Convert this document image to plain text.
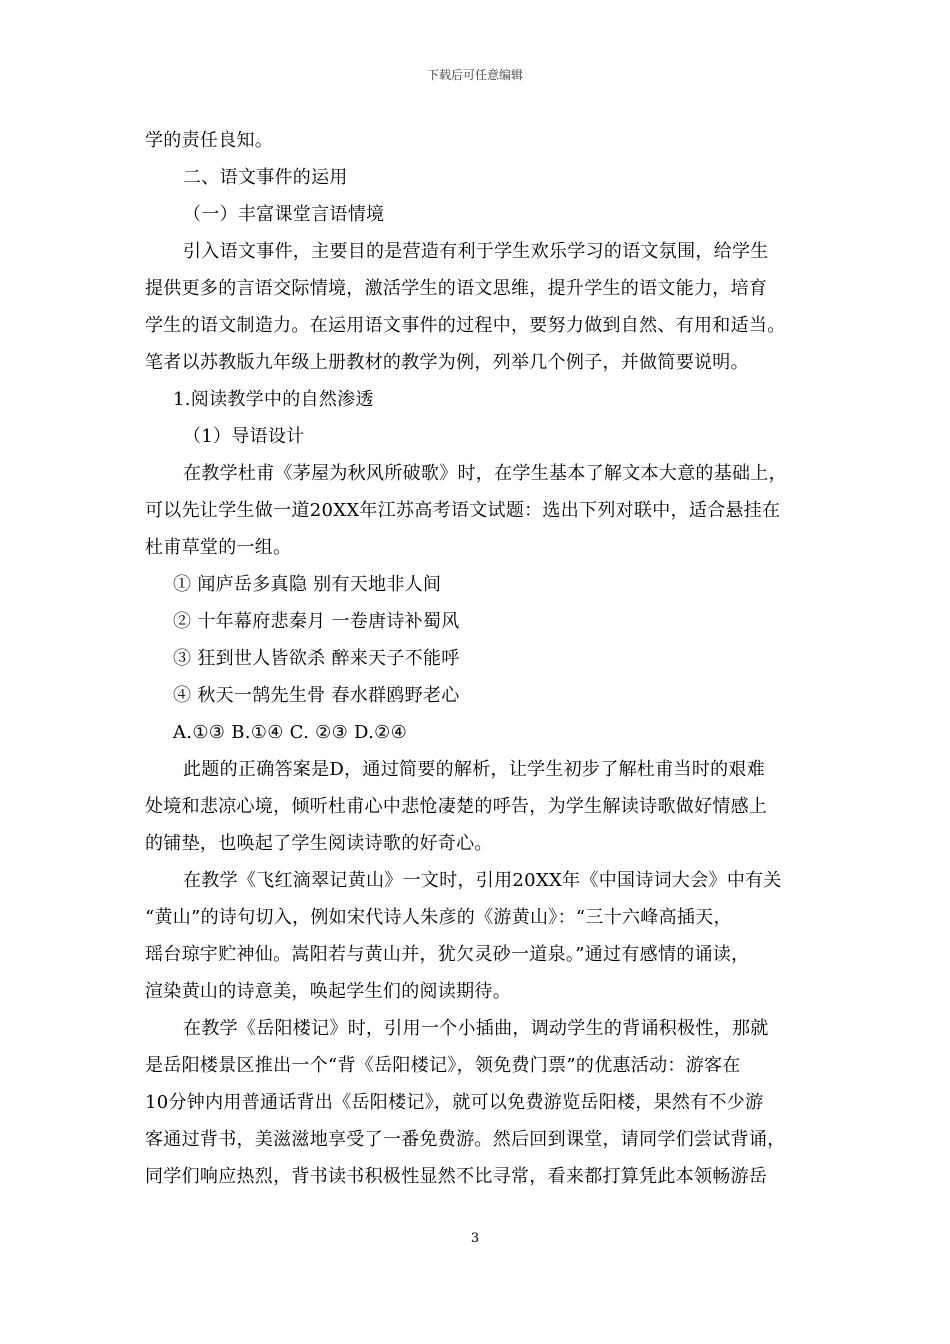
下载后可任意编辑
学的责任良知。
二、语文事件的运用
（一）丰富课堂言语情境
引入语文事件，主要目的是营造有利于学生欢乐学习的语文氛围，给学生
提供更多的言语交际情境，激活学生的语文思维，提升学生的语文能力，培育
学生的语文制造力。在运用语文事件的过程中，要努力做到自然、有用和适当。
笔者以苏教版九年级上册教材的教学为例，列举几个例子，并做简要说明。
1.阅读教学中的自然渗透
（1）导语设计
在教学杜甫《茅屋为秋风所破歌》时，在学生基本了解文本大意的基础上，
可以先让学生做一道20XX年江苏高考语文试题：选出下列对联中，适合悬挂在
杜甫草堂的一组。
① 闻庐岳多真隐 别有天地非人间
② 十年幕府悲秦月 一卷唐诗补蜀风
③ 狂到世人皆欲杀 醉来天子不能呼
④ 秋天一鹄先生骨 春水群鸥野老心
A.①③ B.①④ C. ②③ D.②④
此题的正确答案是D，通过简要的解析，让学生初步了解杜甫当时的艰难
处境和悲凉心境，倾听杜甫心中悲怆凄楚的呼告，为学生解读诗歌做好情感上
的铺垫，也唤起了学生阅读诗歌的好奇心。
在教学《飞红滴翠记黄山》一文时，引用20XX年《中国诗词大会》中有关
“黄山”的诗句切入，例如宋代诗人朱彦的《游黄山》：“三十六峰高插天，
瑶台琼宇贮神仙。嵩阳若与黄山并，犹欠灵砂一道泉。”通过有感情的诵读，
渲染黄山的诗意美，唤起学生们的阅读期待。
在教学《岳阳楼记》时，引用一个小插曲，调动学生的背诵积极性，那就
是岳阳楼景区推出一个“背《岳阳楼记》，领免费门票”的优惠活动：游客在
10分钟内用普通话背出《岳阳楼记》，就可以免费游览岳阳楼，果然有不少游
客通过背书，美滋滋地享受了一番免费游。然后回到课堂，请同学们尝试背诵，
同学们响应热烈，背书读书积极性显然不比寻常，看来都打算凭此本领畅游岳
3
